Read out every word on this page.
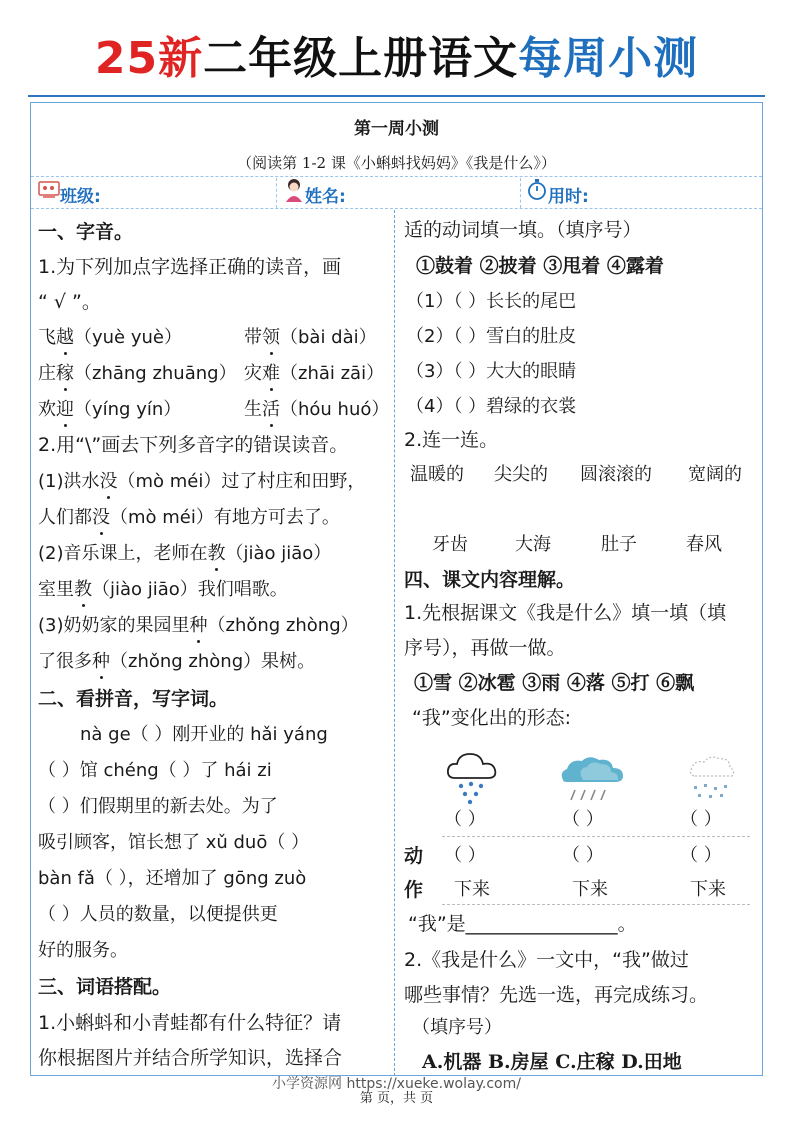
25新二年级上册语文每周小测
第一周小测
（阅读第 1-2 课《小蝌蚪找妈妈》《我是什么》）
班级:	姓名:	用时:
一、字音。
1.为下列加点字选择正确的读音，画
“ √ ”。
飞越（yuè yuè）	带领（bài dài）
庄稼（zhāng zhuāng） 灾难（zhāi zāi）
欢迎（yíng yín）	生活（hóu huó）
2.用“\”画去下列多音字的错误读音。
(1)洪水没（mò méi）过了村庄和田野，
人们都没（mò méi）有地方可去了。
(2)音乐课上，老师在教（jiào jiāo）
室里教（jiào jiāo）我们唱歌。
(3)奶奶家的果园里种（zhǒng zhòng）
了很多种（zhǒng zhòng）果树。
二、看拼音，写字词。
nà ge（ ）刚开业的 hǎi yáng
（ ）馆 chéng（ ）了 hái zi
（ ）们假期里的新去处。为了
吸引顾客，馆长想了 xǔ duō（ ）
bàn fǎ（ ），还增加了 gōng zuò
（ ）人员的数量，以便提供更
好的服务。
三、词语搭配。
1.小蝌蚪和小青蛙都有什么特征？请
你根据图片并结合所学知识，选择合
适的动词填一填。（填序号）
①鼓着 ②披着 ③甩着 ④露着
（1）（ ）长长的尾巴
（2）（ ）雪白的肚皮
（3）（ ）大大的眼睛
（4）（ ）碧绿的衣裳
2.连一连。
温暖的 尖尖的 圆滚滚的 宽阔的
牙齿	大海	肚子	春风
四、课文内容理解。
1.先根据课文《我是什么》填一填（填
序号），再做一做。
①雪 ②冰雹 ③雨 ④落 ⑤打 ⑥飘
“我”变化出的形态:
（ ）	（ ）	（ ）
动
作
（ ）	（ ）	（ ）
下来	下来	下来
“我”是________________。
2.《我是什么》一文中，“我”做过
哪些事情？先选一选，再完成练习。
（填序号）
A.机器 B.房屋 C.庄稼 D.田地
小学资源网 https://xueke.wolay.com/
第 页，共 页
